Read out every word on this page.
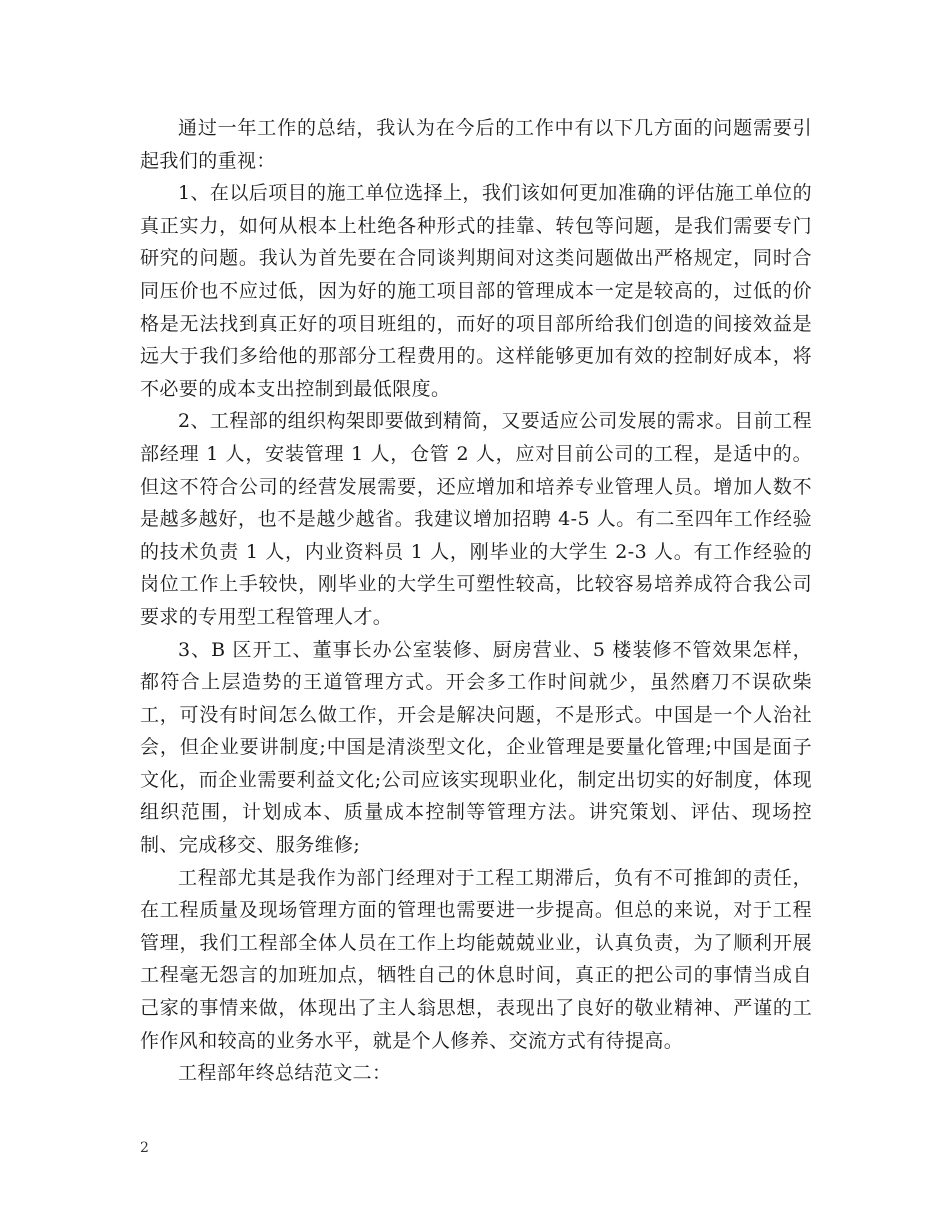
通过一年工作的总结，我认为在今后的工作中有以下几方面的问题需要引起我们的重视：

1、在以后项目的施工单位选择上，我们该如何更加准确的评估施工单位的真正实力，如何从根本上杜绝各种形式的挂靠、转包等问题，是我们需要专门研究的问题。我认为首先要在合同谈判期间对这类问题做出严格规定，同时合同压价也不应过低，因为好的施工项目部的管理成本一定是较高的，过低的价格是无法找到真正好的项目班组的，而好的项目部所给我们创造的间接效益是远大于我们多给他的那部分工程费用的。这样能够更加有效的控制好成本，将不必要的成本支出控制到最低限度。

2、工程部的组织构架即要做到精简，又要适应公司发展的需求。目前工程部经理 1 人，安装管理 1 人，仓管 2 人，应对目前公司的工程，是适中的。但这不符合公司的经营发展需要，还应增加和培养专业管理人员。增加人数不是越多越好，也不是越少越省。我建议增加招聘 4-5 人。有二至四年工作经验的技术负责 1 人，内业资料员 1 人，刚毕业的大学生 2-3 人。有工作经验的岗位工作上手较快，刚毕业的大学生可塑性较高，比较容易培养成符合我公司要求的专用型工程管理人才。

3、B 区开工、董事长办公室装修、厨房营业、5 楼装修不管效果怎样，都符合上层造势的王道管理方式。开会多工作时间就少，虽然磨刀不误砍柴工，可没有时间怎么做工作，开会是解决问题，不是形式。中国是一个人治社会，但企业要讲制度;中国是清淡型文化，企业管理是要量化管理;中国是面子文化，而企业需要利益文化;公司应该实现职业化，制定出切实的好制度，体现组织范围，计划成本、质量成本控制等管理方法。讲究策划、评估、现场控制、完成移交、服务维修;

工程部尤其是我作为部门经理对于工程工期滞后，负有不可推卸的责任，在工程质量及现场管理方面的管理也需要进一步提高。但总的来说，对于工程管理，我们工程部全体人员在工作上均能兢兢业业，认真负责，为了顺利开展工程毫无怨言的加班加点，牺牲自己的休息时间，真正的把公司的事情当成自己家的事情来做，体现出了主人翁思想，表现出了良好的敬业精神、严谨的工作作风和较高的业务水平，就是个人修养、交流方式有待提高。

工程部年终总结范文二：

2
